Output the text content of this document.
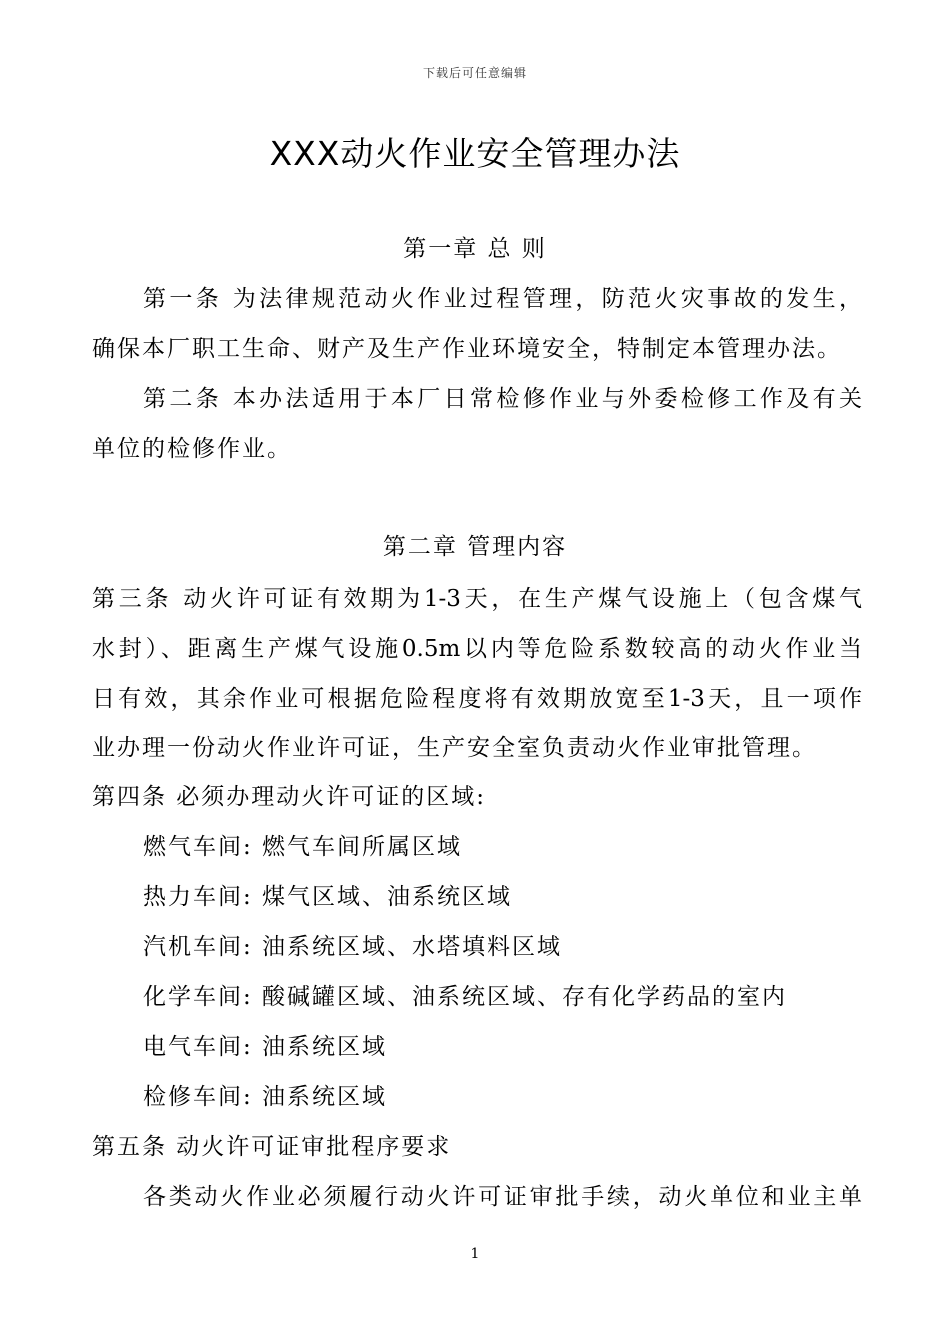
下载后可任意编辑
XXX动火作业安全管理办法
第一章 总 则
第一条 为法律规范动火作业过程管理，防范火灾事故的发生，
确保本厂职工生命、财产及生产作业环境安全，特制定本管理办法。
第二条 本办法适用于本厂日常检修作业与外委检修工作及有关
单位的检修作业。
第二章 管理内容
第三条 动火许可证有效期为1-3天，在生产煤气设施上（包含煤气
水封）、距离生产煤气设施0.5m以内等危险系数较高的动火作业当
日有效，其余作业可根据危险程度将有效期放宽至1-3天，且一项作
业办理一份动火作业许可证，生产安全室负责动火作业审批管理。
第四条 必须办理动火许可证的区域:
燃气车间: 燃气车间所属区域
热力车间: 煤气区域、油系统区域
汽机车间: 油系统区域、水塔填料区域
化学车间: 酸碱罐区域、油系统区域、存有化学药品的室内
电气车间: 油系统区域
检修车间: 油系统区域
第五条 动火许可证审批程序要求
各类动火作业必须履行动火许可证审批手续，动火单位和业主单
1
